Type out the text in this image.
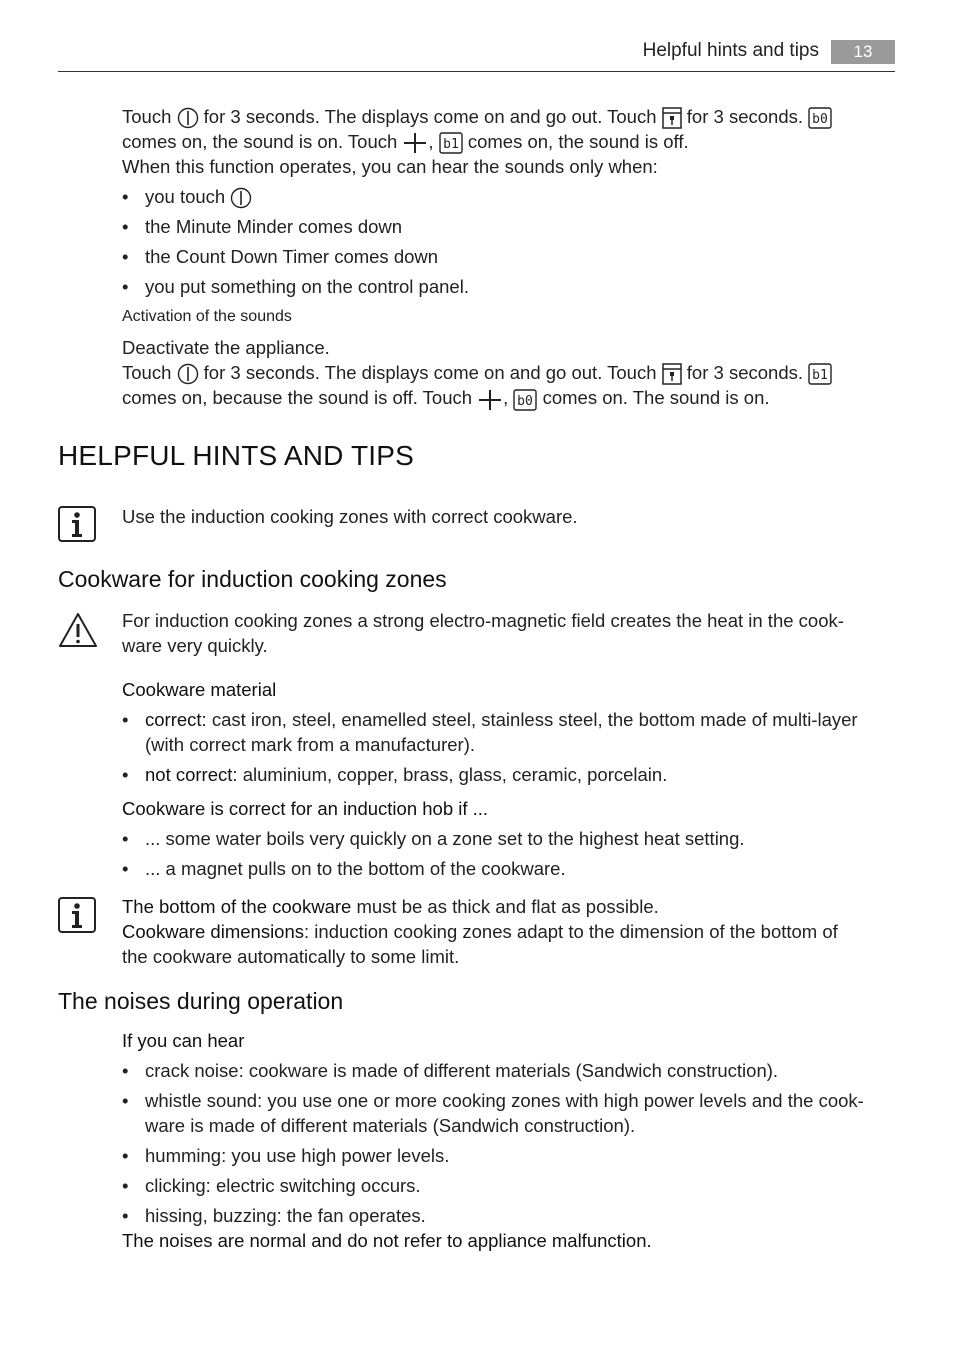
Helpful hints and tips	13
Touch for 3 seconds. The displays come on and go out. Touch for 3 seconds. b0
comes on, the sound is on. Touch , b1 comes on, the sound is off.
When this function operates, you can hear the sounds only when:
• you touch
• the Minute Minder comes down
• the Count Down Timer comes down
• you put something on the control panel.
Activation of the sounds
Deactivate the appliance.
Touch for 3 seconds. The displays come on and go out. Touch for 3 seconds. b1
comes on, because the sound is off. Touch , b0 comes on. The sound is on.
HELPFUL HINTS AND TIPS
Use the induction cooking zones with correct cookware.
Cookware for induction cooking zones
For induction cooking zones a strong electro-magnetic field creates the heat in the cook-
ware very quickly.
Cookware material
• correct: cast iron, steel, enamelled steel, stainless steel, the bottom made of multi-layer
(with correct mark from a manufacturer).
• not correct: aluminium, copper, brass, glass, ceramic, porcelain.
Cookware is correct for an induction hob if ...
• ... some water boils very quickly on a zone set to the highest heat setting.
• ... a magnet pulls on to the bottom of the cookware.
The bottom of the cookware must be as thick and flat as possible.
Cookware dimensions: induction cooking zones adapt to the dimension of the bottom of
the cookware automatically to some limit.
The noises during operation
If you can hear
• crack noise: cookware is made of different materials (Sandwich construction).
• whistle sound: you use one or more cooking zones with high power levels and the cook-
ware is made of different materials (Sandwich construction).
• humming: you use high power levels.
• clicking: electric switching occurs.
• hissing, buzzing: the fan operates.
The noises are normal and do not refer to appliance malfunction.
